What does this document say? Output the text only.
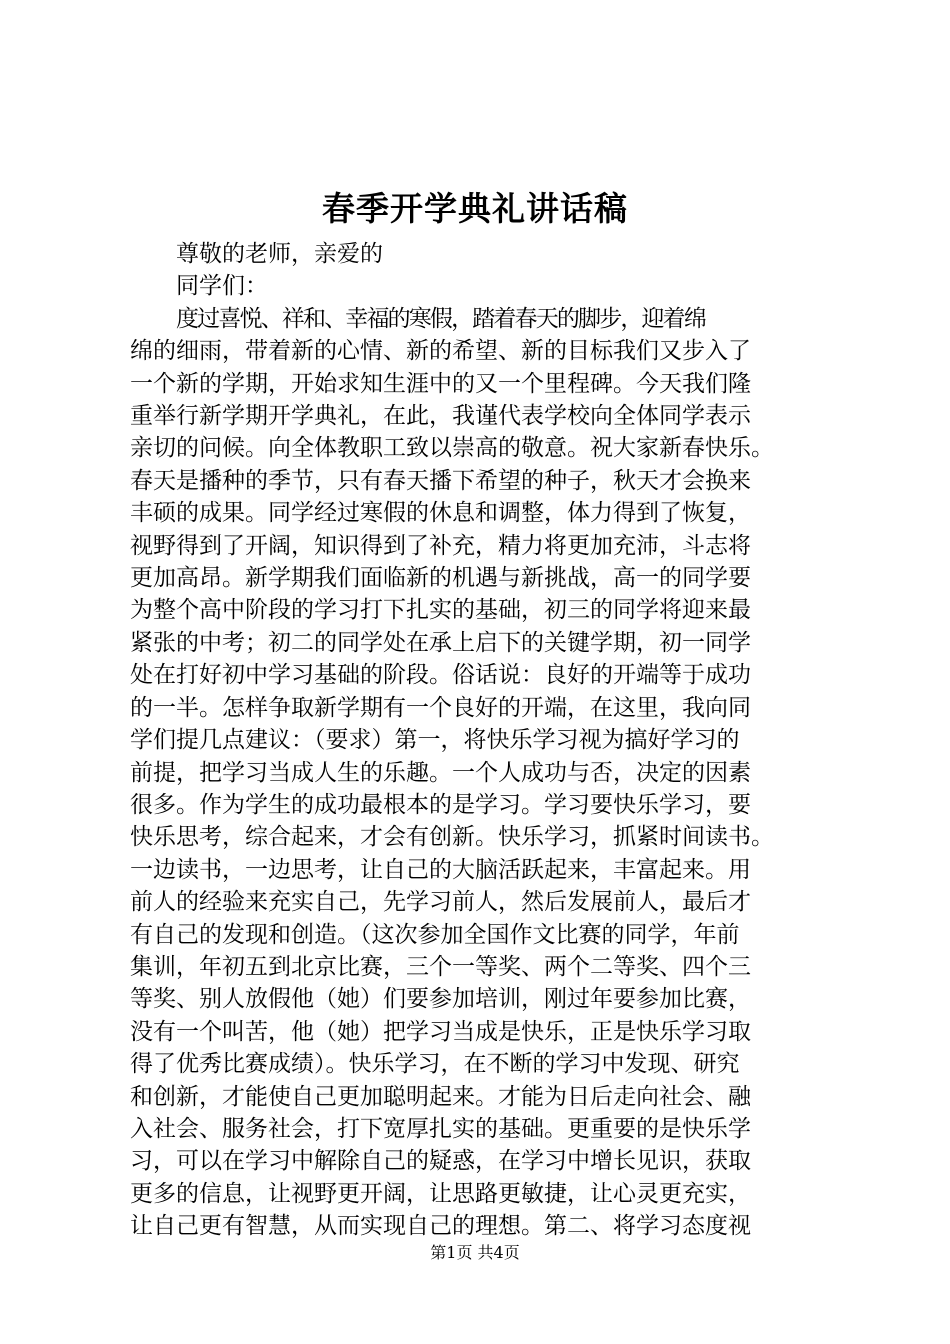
春季开学典礼讲话稿
尊敬的老师，亲爱的
同学们：
度过喜悦、祥和、幸福的寒假，踏着春天的脚步，迎着绵
绵的细雨，带着新的心情、新的希望、新的目标我们又步入了
一个新的学期，开始求知生涯中的又一个里程碑。今天我们隆
重举行新学期开学典礼，在此，我谨代表学校向全体同学表示
亲切的问候。向全体教职工致以崇高的敬意。祝大家新春快乐。
春天是播种的季节，只有春天播下希望的种子，秋天才会换来
丰硕的成果。同学经过寒假的休息和调整，体力得到了恢复，
视野得到了开阔，知识得到了补充，精力将更加充沛，斗志将
更加高昂。新学期我们面临新的机遇与新挑战，高一的同学要
为整个高中阶段的学习打下扎实的基础，初三的同学将迎来最
紧张的中考；初二的同学处在承上启下的关键学期，初一同学
处在打好初中学习基础的阶段。俗话说：良好的开端等于成功
的一半。怎样争取新学期有一个良好的开端，在这里，我向同
学们提几点建议：（要求）第一，将快乐学习视为搞好学习的
前提，把学习当成人生的乐趣。一个人成功与否，决定的因素
很多。作为学生的成功最根本的是学习。学习要快乐学习，要
快乐思考，综合起来，才会有创新。快乐学习，抓紧时间读书。
一边读书，一边思考，让自己的大脑活跃起来，丰富起来。用
前人的经验来充实自己，先学习前人，然后发展前人，最后才
有自己的发现和创造。（这次参加全国作文比赛的同学，年前
集训，年初五到北京比赛，三个一等奖、两个二等奖、四个三
等奖、别人放假他（她）们要参加培训，刚过年要参加比赛，
没有一个叫苦，他（她）把学习当成是快乐，正是快乐学习取
得了优秀比赛成绩）。快乐学习，在不断的学习中发现、研究
和创新，才能使自己更加聪明起来。才能为日后走向社会、融
入社会、服务社会，打下宽厚扎实的基础。更重要的是快乐学
习，可以在学习中解除自己的疑惑，在学习中增长见识，获取
更多的信息，让视野更开阔，让思路更敏捷，让心灵更充实，
让自己更有智慧，从而实现自己的理想。第二、将学习态度视
第1页 共4页
